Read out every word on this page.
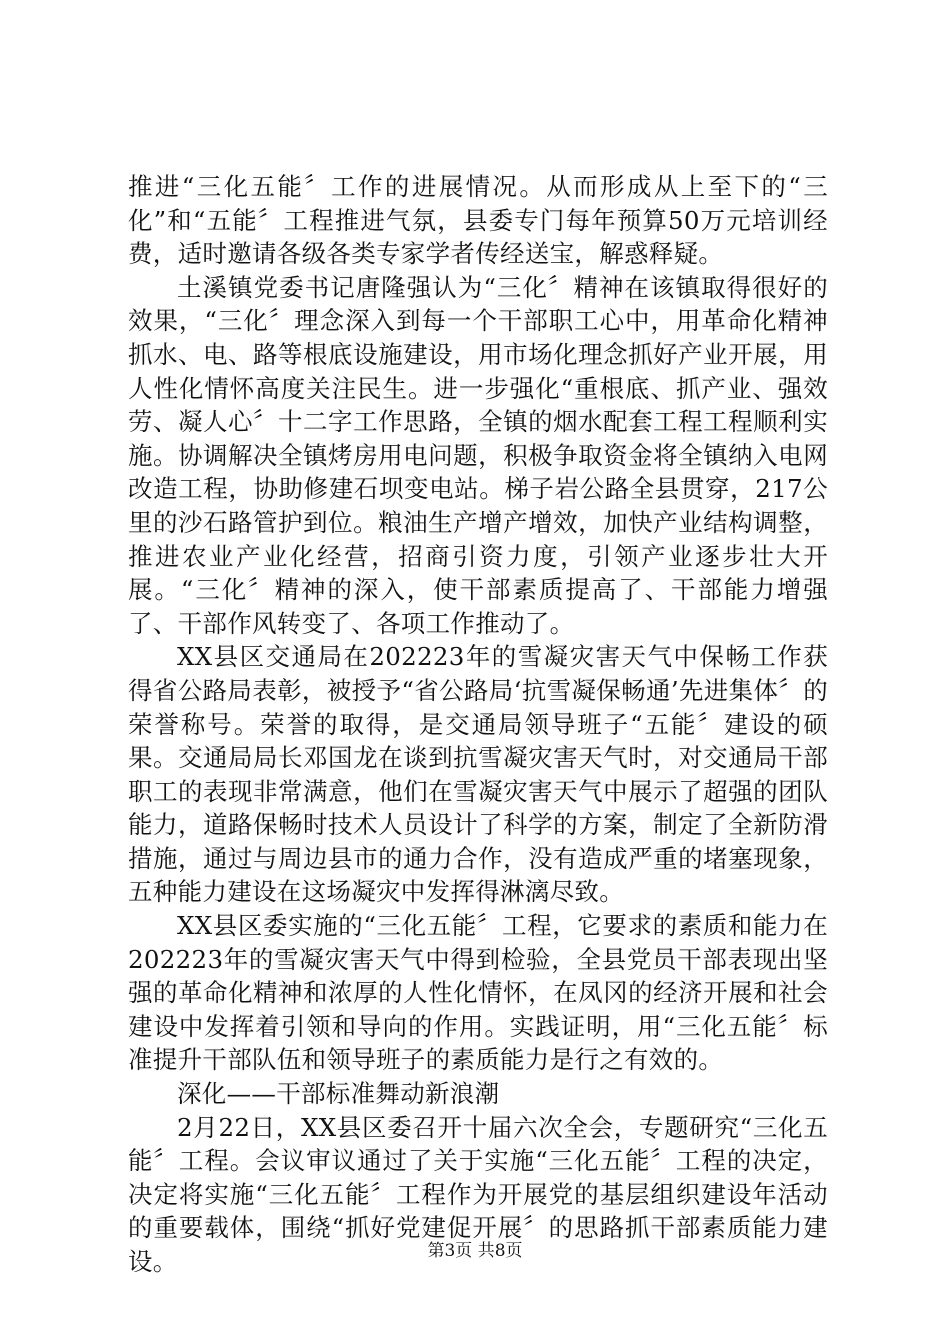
推进“三化五能〞工作的进展情况。从而形成从上至下的“三化”和“五能〞工程推进气氛，县委专门每年预算50万元培训经费，适时邀请各级各类专家学者传经送宝，解惑释疑。

土溪镇党委书记唐隆强认为“三化〞精神在该镇取得很好的效果，“三化〞理念深入到每一个干部职工心中，用革命化精神抓水、电、路等根底设施建设，用市场化理念抓好产业开展，用人性化情怀高度关注民生。进一步强化“重根底、抓产业、强效劳、凝人心〞十二字工作思路，全镇的烟水配套工程工程顺利实施。协调解决全镇烤房用电问题，积极争取资金将全镇纳入电网改造工程，协助修建石坝变电站。梯子岩公路全县贯穿，217公里的沙石路管护到位。粮油生产增产增效，加快产业结构调整，推进农业产业化经营，招商引资力度，引领产业逐步壮大开展。“三化〞精神的深入，使干部素质提高了、干部能力增强了、干部作风转变了、各项工作推动了。

XX县区交通局在202223年的雪凝灾害天气中保畅工作获得省公路局表彰，被授予“省公路局‘抗雪凝保畅通’先进集体〞的荣誉称号。荣誉的取得，是交通局领导班子“五能〞建设的硕果。交通局局长邓国龙在谈到抗雪凝灾害天气时，对交通局干部职工的表现非常满意，他们在雪凝灾害天气中展示了超强的团队能力，道路保畅时技术人员设计了科学的方案，制定了全新防滑措施，通过与周边县市的通力合作，没有造成严重的堵塞现象，五种能力建设在这场凝灾中发挥得淋漓尽致。

XX县区委实施的“三化五能〞工程，它要求的素质和能力在202223年的雪凝灾害天气中得到检验，全县党员干部表现出坚强的革命化精神和浓厚的人性化情怀，在凤冈的经济开展和社会建设中发挥着引领和导向的作用。实践证明，用“三化五能〞标准提升干部队伍和领导班子的素质能力是行之有效的。

深化——干部标准舞动新浪潮

2月22日，XX县区委召开十届六次全会，专题研究“三化五能〞工程。会议审议通过了关于实施“三化五能〞工程的决定，决定将实施“三化五能〞工程作为开展党的基层组织建设年活动的重要载体，围绕“抓好党建促开展〞的思路抓干部素质能力建设。	第3页 共8页
